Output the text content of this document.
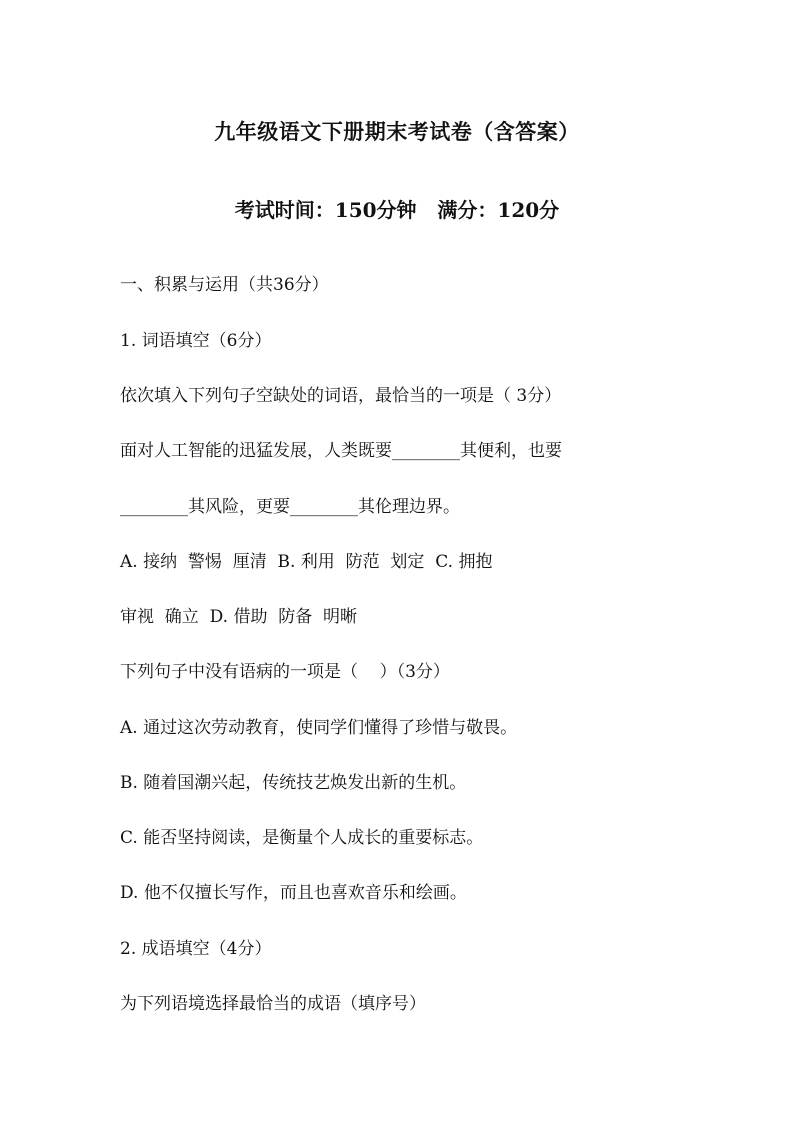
九年级语文下册期末考试卷（含答案）
考试时间：150分钟   满分：120分
一、积累与运用（共36分）
1. 词语填空（6分）
依次填入下列句子空缺处的词语，最恰当的一项是（ 3分）
面对人工智能的迅猛发展，人类既要________其便利，也要
________其风险，更要________其伦理边界。
A. 接纳  警惕  厘清  B. 利用  防范  划定  C. 拥抱
审视  确立  D. 借助  防备  明晰
下列句子中没有语病的一项是（    ）（3分）
A. 通过这次劳动教育，使同学们懂得了珍惜与敬畏。
B. 随着国潮兴起，传统技艺焕发出新的生机。
C. 能否坚持阅读，是衡量个人成长的重要标志。
D. 他不仅擅长写作，而且也喜欢音乐和绘画。
2. 成语填空（4分）
为下列语境选择最恰当的成语（填序号）
